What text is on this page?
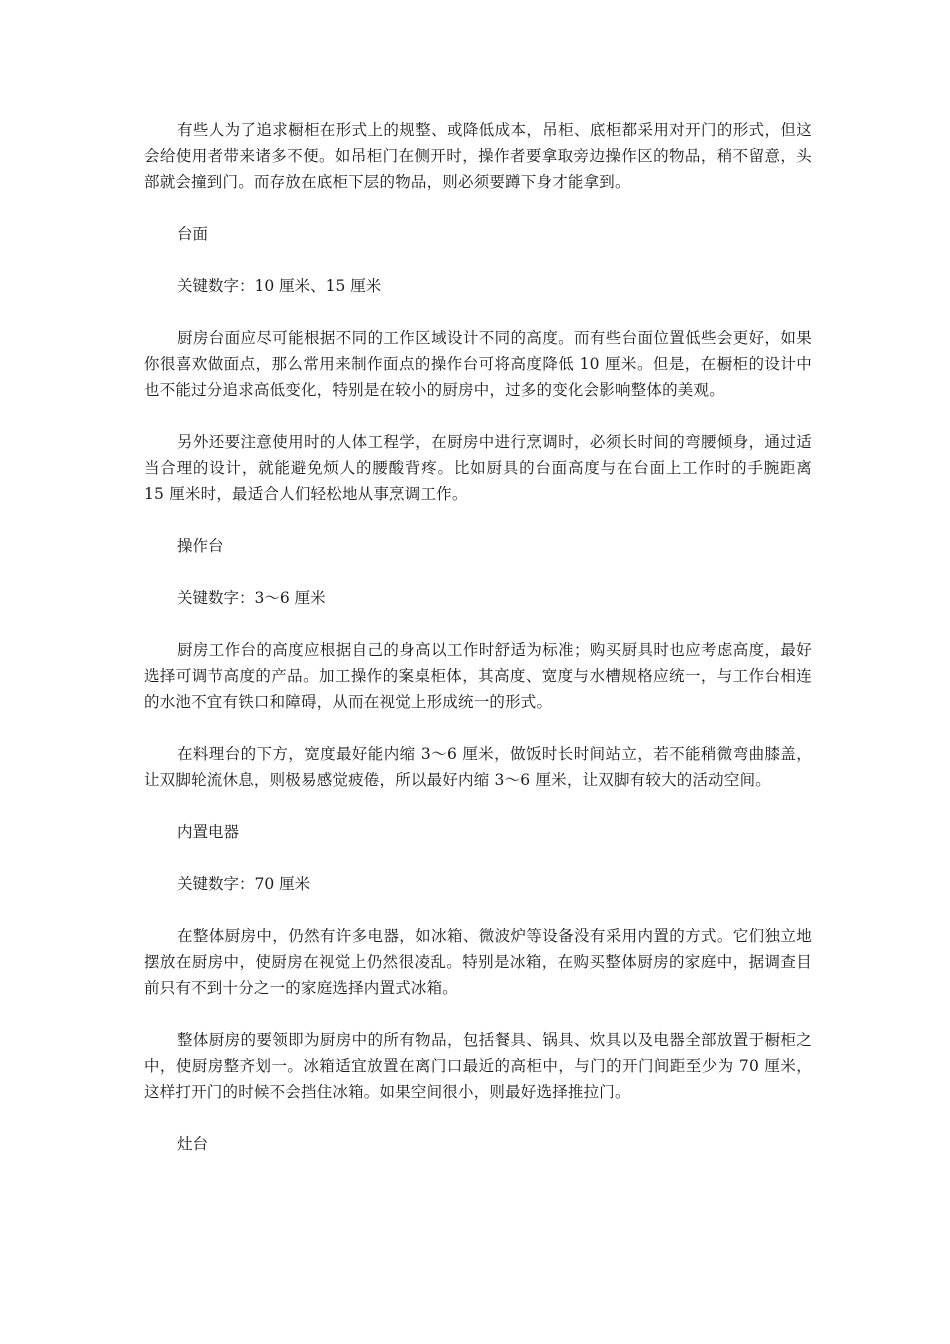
有些人为了追求橱柜在形式上的规整、或降低成本，吊柜、底柜都采用对开门的形式，但这会给使用者带来诸多不便。如吊柜门在侧开时，操作者要拿取旁边操作区的物品，稍不留意，头部就会撞到门。而存放在底柜下层的物品，则必须要蹲下身才能拿到。

台面

关键数字：10 厘米、15 厘米

厨房台面应尽可能根据不同的工作区域设计不同的高度。而有些台面位置低些会更好，如果你很喜欢做面点，那么常用来制作面点的操作台可将高度降低 10 厘米。但是，在橱柜的设计中也不能过分追求高低变化，特别是在较小的厨房中，过多的变化会影响整体的美观。

另外还要注意使用时的人体工程学，在厨房中进行烹调时，必须长时间的弯腰倾身，通过适当合理的设计，就能避免烦人的腰酸背疼。比如厨具的台面高度与在台面上工作时的手腕距离 15 厘米时，最适合人们轻松地从事烹调工作。

操作台

关键数字：3～6 厘米

厨房工作台的高度应根据自己的身高以工作时舒适为标准；购买厨具时也应考虑高度，最好选择可调节高度的产品。加工操作的案桌柜体，其高度、宽度与水槽规格应统一，与工作台相连的水池不宜有铁口和障碍，从而在视觉上形成统一的形式。

在料理台的下方，宽度最好能内缩 3～6 厘米，做饭时长时间站立，若不能稍微弯曲膝盖，让双脚轮流休息，则极易感觉疲倦，所以最好内缩 3～6 厘米，让双脚有较大的活动空间。

内置电器

关键数字：70 厘米

在整体厨房中，仍然有许多电器，如冰箱、微波炉等设备没有采用内置的方式。它们独立地摆放在厨房中，使厨房在视觉上仍然很凌乱。特别是冰箱，在购买整体厨房的家庭中，据调查目前只有不到十分之一的家庭选择内置式冰箱。

整体厨房的要领即为厨房中的所有物品，包括餐具、锅具、炊具以及电器全部放置于橱柜之中，使厨房整齐划一。冰箱适宜放置在离门口最近的高柜中，与门的开门间距至少为 70 厘米，这样打开门的时候不会挡住冰箱。如果空间很小，则最好选择推拉门。

灶台
